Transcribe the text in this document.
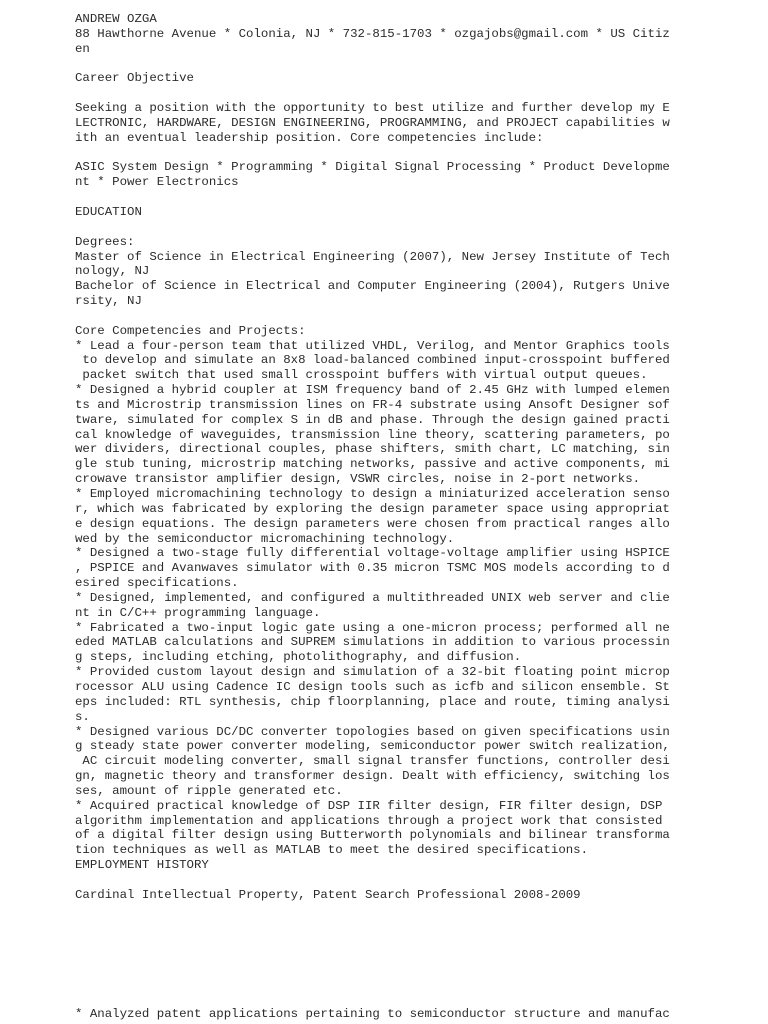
ANDREW OZGA
88 Hawthorne Avenue * Colonia, NJ * 732-815-1703 * ozgajobs@gmail.com * US Citiz
en
Career Objective
Seeking a position with the opportunity to best utilize and further develop my E
LECTRONIC, HARDWARE, DESIGN ENGINEERING, PROGRAMMING, and PROJECT capabilities w
ith an eventual leadership position. Core competencies include:
ASIC System Design * Programming * Digital Signal Processing * Product Developme
nt * Power Electronics
EDUCATION
Degrees:
Master of Science in Electrical Engineering (2007), New Jersey Institute of Tech
nology, NJ
Bachelor of Science in Electrical and Computer Engineering (2004), Rutgers Unive
rsity, NJ
Core Competencies and Projects:
* Lead a four-person team that utilized VHDL, Verilog, and Mentor Graphics tools
to develop and simulate an 8x8 load-balanced combined input-crosspoint buffered
packet switch that used small crosspoint buffers with virtual output queues.
* Designed a hybrid coupler at ISM frequency band of 2.45 GHz with lumped elemen
ts and Microstrip transmission lines on FR-4 substrate using Ansoft Designer sof
tware, simulated for complex S in dB and phase. Through the design gained practi
cal knowledge of waveguides, transmission line theory, scattering parameters, po
wer dividers, directional couples, phase shifters, smith chart, LC matching, sin
gle stub tuning, microstrip matching networks, passive and active components, mi
crowave transistor amplifier design, VSWR circles, noise in 2-port networks.
* Employed micromachining technology to design a miniaturized acceleration senso
r, which was fabricated by exploring the design parameter space using appropriat
e design equations. The design parameters were chosen from practical ranges allo
wed by the semiconductor micromachining technology.
* Designed a two-stage fully differential voltage-voltage amplifier using HSPICE
, PSPICE and Avanwaves simulator with 0.35 micron TSMC MOS models according to d
esired specifications.
* Designed, implemented, and configured a multithreaded UNIX web server and clie
nt in C/C++ programming language.
* Fabricated a two-input logic gate using a one-micron process; performed all ne
eded MATLAB calculations and SUPREM simulations in addition to various processin
g steps, including etching, photolithography, and diffusion.
* Provided custom layout design and simulation of a 32-bit floating point microp
rocessor ALU using Cadence IC design tools such as icfb and silicon ensemble. St
eps included: RTL synthesis, chip floorplanning, place and route, timing analysi
s.
* Designed various DC/DC converter topologies based on given specifications usin
g steady state power converter modeling, semiconductor power switch realization,
AC circuit modeling converter, small signal transfer functions, controller desi
gn, magnetic theory and transformer design. Dealt with efficiency, switching los
ses, amount of ripple generated etc.
* Acquired practical knowledge of DSP IIR filter design, FIR filter design, DSP
algorithm implementation and applications through a project work that consisted
of a digital filter design using Butterworth polynomials and bilinear transforma
tion techniques as well as MATLAB to meet the desired specifications.
EMPLOYMENT HISTORY
Cardinal Intellectual Property, Patent Search Professional 2008-2009
* Analyzed patent applications pertaining to semiconductor structure and manufac
